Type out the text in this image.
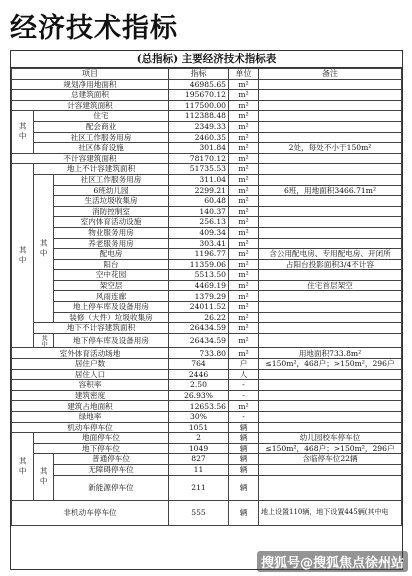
经济技术指标
(总指标) 主要经济技术指标表
项目			指标	单位	备注
规划净用地面积			46985.65	m²	
总建筑面积			195670.12	m²	
计容建筑面积			117500.00	m²	
其中	住宅		112388.48	m²	
	配会商业		2349.33	m²	
	社区工作服务用房		2460.35	m²	
	社区体育设施		301.84	m²	2处，每处不小于150m²
不计容建筑面积			78170.12	m²	
其中	地上不计容建筑面积		51735.53	m²	
	其中	社区工作服务用房	311.04	m²	
		6班幼儿园	2299.21	m²	6班，用地面积3466.71m²
		生活垃圾收集房	60.48	m²	
		消防控制室	140.37	m²	
		室内体育活动设施	256.13	m²	
		物业服务用房	409.34	m²	
		养老服务用房	303.41	m²	
		配电房	1196.77	m²	含公用配电房、专用配电房、开闭所
		阳台	11359.06	m²	占阳台投影面积3/4不计容
		空中花园	5513.50	m²	
		架空层	4469.19	m²	住宅首层架空
		风雨连廊	1379.29	m²	
		地上停车库及设备用房	24011.52	m²	
		装修（大件）垃圾收集房	26.22	m²	
	地下不计容建筑面积		26434.59	m²	
	其中	地下停车库及设备用房	26434.59	m²	
室外体育活动场地			733.80	m²	用地面积733.8m²
居住户数			764	户	≤150m²，468户；>150m²，296户
居住人口			2446	人	
容积率			2.50	-	
建筑密度			26.93%	-	
建筑占地面积			12653.56	m²	
绿地率			30%	-	
机动车停车位			1051	辆	
其中	地面停车位		2	辆	幼儿园校车停车位
	地下停车位		1049	辆	≤150m²，468户；>150m²，296户
	其中	普通停车位	827	辆	含临停车位22辆
		无障碍停车位	11	辆	
		新能源停车位	211	辆	
非机动车停车位			555	辆	地上设置110辆，地下设置445辆(其中电
搜狐号@搜狐焦点徐州站
